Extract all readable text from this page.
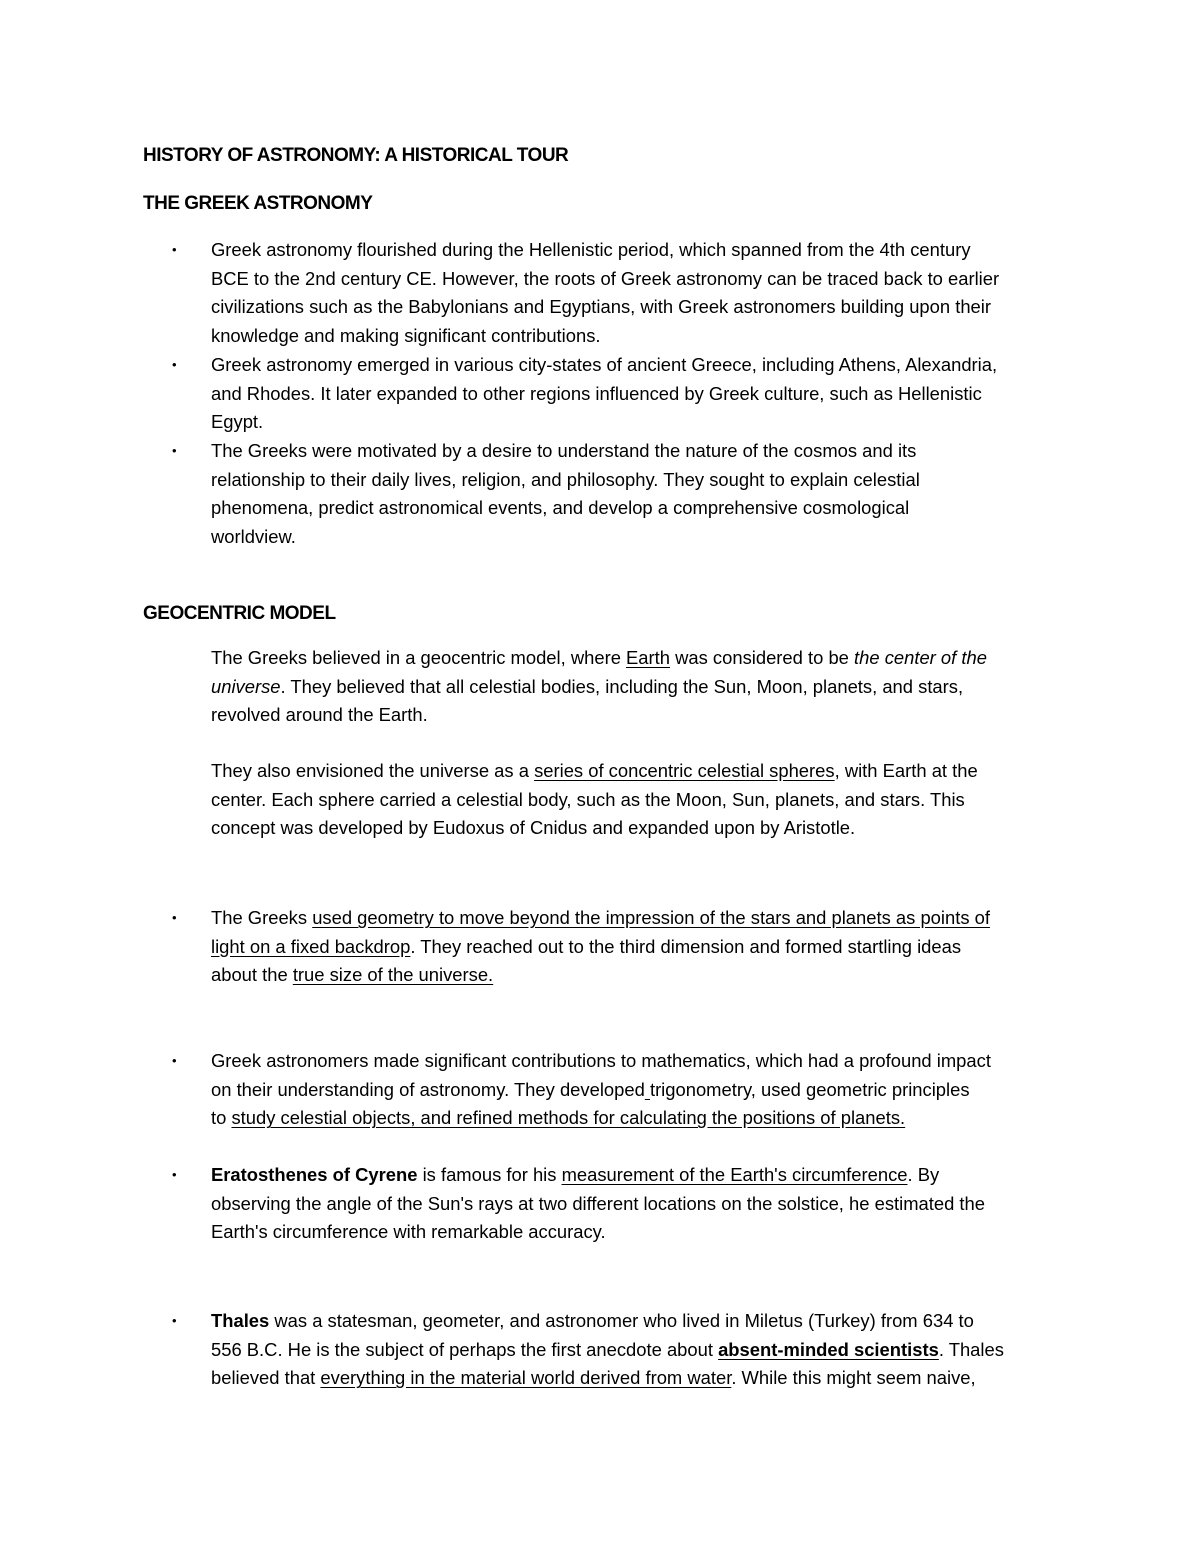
HISTORY OF ASTRONOMY: A HISTORICAL TOUR
THE GREEK ASTRONOMY
• Greek astronomy flourished during the Hellenistic period, which spanned from the 4th century
BCE to the 2nd century CE. However, the roots of Greek astronomy can be traced back to earlier
civilizations such as the Babylonians and Egyptians, with Greek astronomers building upon their
knowledge and making significant contributions.
• Greek astronomy emerged in various city-states of ancient Greece, including Athens, Alexandria,
and Rhodes. It later expanded to other regions influenced by Greek culture, such as Hellenistic
Egypt.
• The Greeks were motivated by a desire to understand the nature of the cosmos and its
relationship to their daily lives, religion, and philosophy. They sought to explain celestial
phenomena, predict astronomical events, and develop a comprehensive cosmological
worldview.
GEOCENTRIC MODEL
The Greeks believed in a geocentric model, where Earth was considered to be the center of the
universe. They believed that all celestial bodies, including the Sun, Moon, planets, and stars,
revolved around the Earth.
They also envisioned the universe as a series of concentric celestial spheres, with Earth at the
center. Each sphere carried a celestial body, such as the Moon, Sun, planets, and stars. This
concept was developed by Eudoxus of Cnidus and expanded upon by Aristotle.
• The Greeks used geometry to move beyond the impression of the stars and planets as points of
light on a fixed backdrop. They reached out to the third dimension and formed startling ideas
about the true size of the universe.
• Greek astronomers made significant contributions to mathematics, which had a profound impact
on their understanding of astronomy. They developed trigonometry, used geometric principles
to study celestial objects, and refined methods for calculating the positions of planets.
• Eratosthenes of Cyrene is famous for his measurement of the Earth's circumference. By
observing the angle of the Sun's rays at two different locations on the solstice, he estimated the
Earth's circumference with remarkable accuracy.
• Thales was a statesman, geometer, and astronomer who lived in Miletus (Turkey) from 634 to
556 B.C. He is the subject of perhaps the first anecdote about absent-minded scientists. Thales
believed that everything in the material world derived from water. While this might seem naive,
